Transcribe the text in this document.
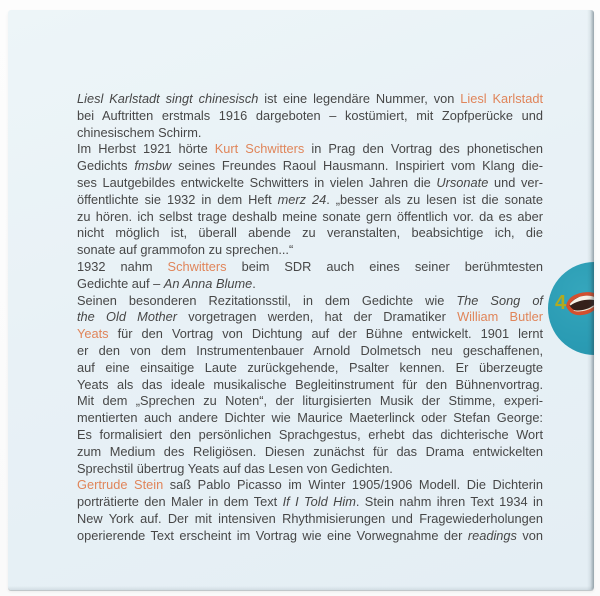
Liesl Karlstadt singt chinesisch ist eine legendäre Nummer, von Liesl Karlstadt
bei Auftritten erstmals 1916 dargeboten – kostümiert, mit Zopfperücke und
chinesischem Schirm.
Im Herbst 1921 hörte Kurt Schwitters in Prag den Vortrag des phonetischen
Gedichts fmsbw seines Freundes Raoul Hausmann. Inspiriert vom Klang die-
ses Lautgebildes entwickelte Schwitters in vielen Jahren die Ursonate und ver-
öffentlichte sie 1932 in dem Heft merz 24. „besser als zu lesen ist die sonate
zu hören. ich selbst trage deshalb meine sonate gern öffentlich vor. da es aber
nicht möglich ist, überall abende zu veranstalten, beabsichtige ich, die
sonate auf grammofon zu sprechen...“
1932 nahm Schwitters beim SDR auch eines seiner berühmtesten
Gedichte auf – An Anna Blume.
Seinen besonderen Rezitationsstil, in dem Gedichte wie The Song of
the Old Mother vorgetragen werden, hat der Dramatiker William Butler
Yeats für den Vortrag von Dichtung auf der Bühne entwickelt. 1901 lernt
er den von dem Instrumentenbauer Arnold Dolmetsch neu geschaffenen,
auf eine einsaitige Laute zurückgehende, Psalter kennen. Er überzeugte
Yeats als das ideale musikalische Begleitinstrument für den Bühnenvortrag.
Mit dem „Sprechen zu Noten“, der liturgisierten Musik der Stimme, experi-
mentierten auch andere Dichter wie Maurice Maeterlinck oder Stefan George:
Es formalisiert den persönlichen Sprachgestus, erhebt das dichterische Wort
zum Medium des Religiösen. Diesen zunächst für das Drama entwickelten
Sprechstil übertrug Yeats auf das Lesen von Gedichten.
Gertrude Stein saß Pablo Picasso im Winter 1905/1906 Modell. Die Dichterin
porträtierte den Maler in dem Text If I Told Him. Stein nahm ihren Text 1934 in
New York auf. Der mit intensiven Rhythmisierungen und Fragewiederholungen
operierende Text erscheint im Vortrag wie eine Vorwegnahme der readings von
4
